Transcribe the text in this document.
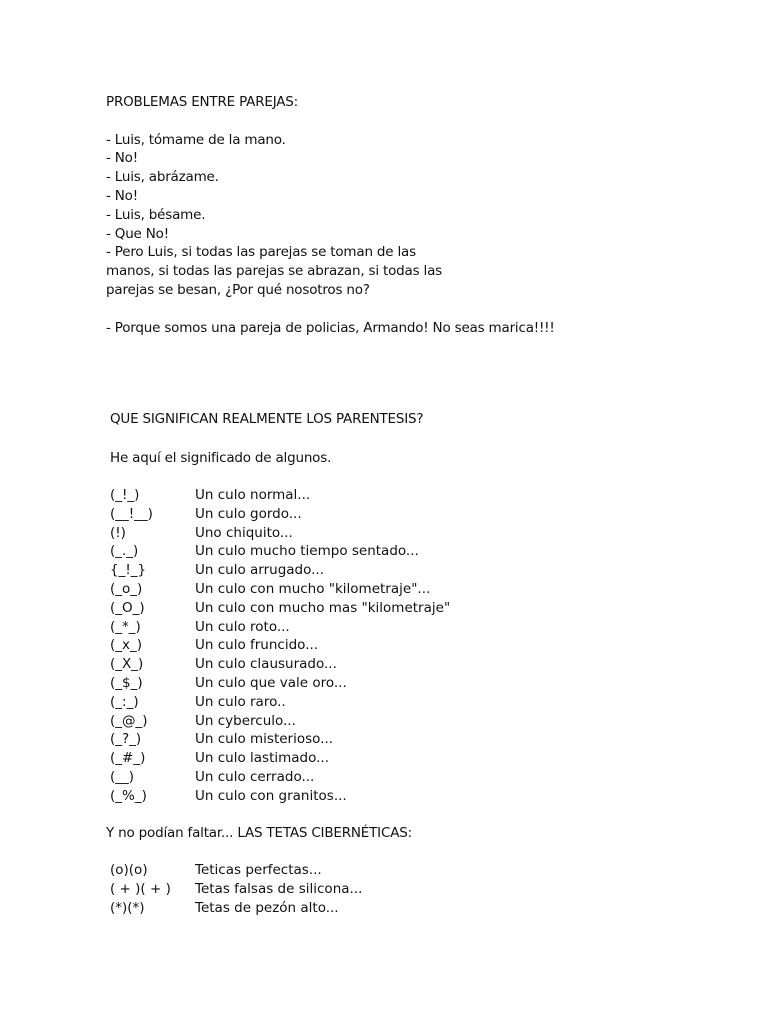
PROBLEMAS ENTRE PAREJAS:
- Luis, tómame de la mano.
- No!
- Luis, abrázame.
- No!
- Luis, bésame.
- Que No!
- Pero Luis, si todas las parejas se toman de las
manos, si todas las parejas se abrazan, si todas las
parejas se besan, ¿Por qué nosotros no?
- Porque somos una pareja de policias, Armando! No seas marica!!!!
QUE SIGNIFICAN REALMENTE LOS PARENTESIS?
He aquí el significado de algunos.
(_!_)	Un culo normal...
(__!__)	Un culo gordo...
(!)	Uno chiquito...
(_._)	Un culo mucho tiempo sentado...
{_!_}	Un culo arrugado...
(_o_)	Un culo con mucho "kilometraje"...
(_O_)	Un culo con mucho mas "kilometraje"
(_*_)	Un culo roto...
(_x_)	Un culo fruncido...
(_X_)	Un culo clausurado...
(_$_)	Un culo que vale oro...
(_:_)	Un culo raro..
(_@_)	Un cyberculo...
(_?_)	Un culo misterioso...
(_#_)	Un culo lastimado...
(__)	Un culo cerrado...
(_%_)	Un culo con granitos...
Y no podían faltar... LAS TETAS CIBERNÉTICAS:
(o)(o)	Teticas perfectas...
( + )( + ) Tetas falsas de silicona...
(*)(*)	Tetas de pezón alto...
